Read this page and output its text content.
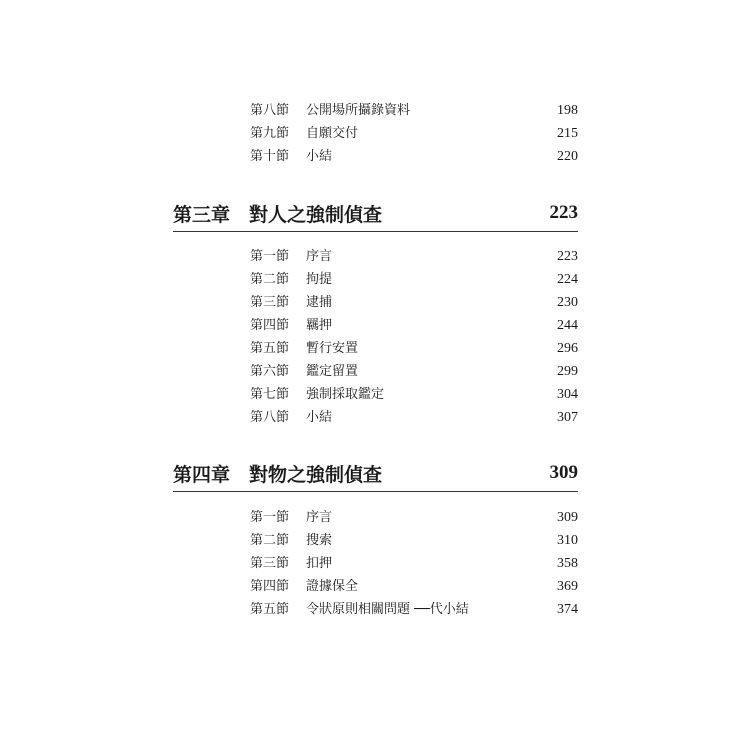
第八節	公開場所攝錄資料	198
第九節	自願交付	215
第十節	小結	220
第三章 對人之強制偵查	223
第一節	序言	223
第二節	拘提	224
第三節	逮捕	230
第四節	羈押	244
第五節	暫行安置	296
第六節	鑑定留置	299
第七節	強制採取鑑定	304
第八節	小結	307
第四章 對物之強制偵查	309
第一節	序言	309
第二節	搜索	310
第三節	扣押	358
第四節	證據保全	369
第五節	令狀原則相關問題 ──代小結	374
